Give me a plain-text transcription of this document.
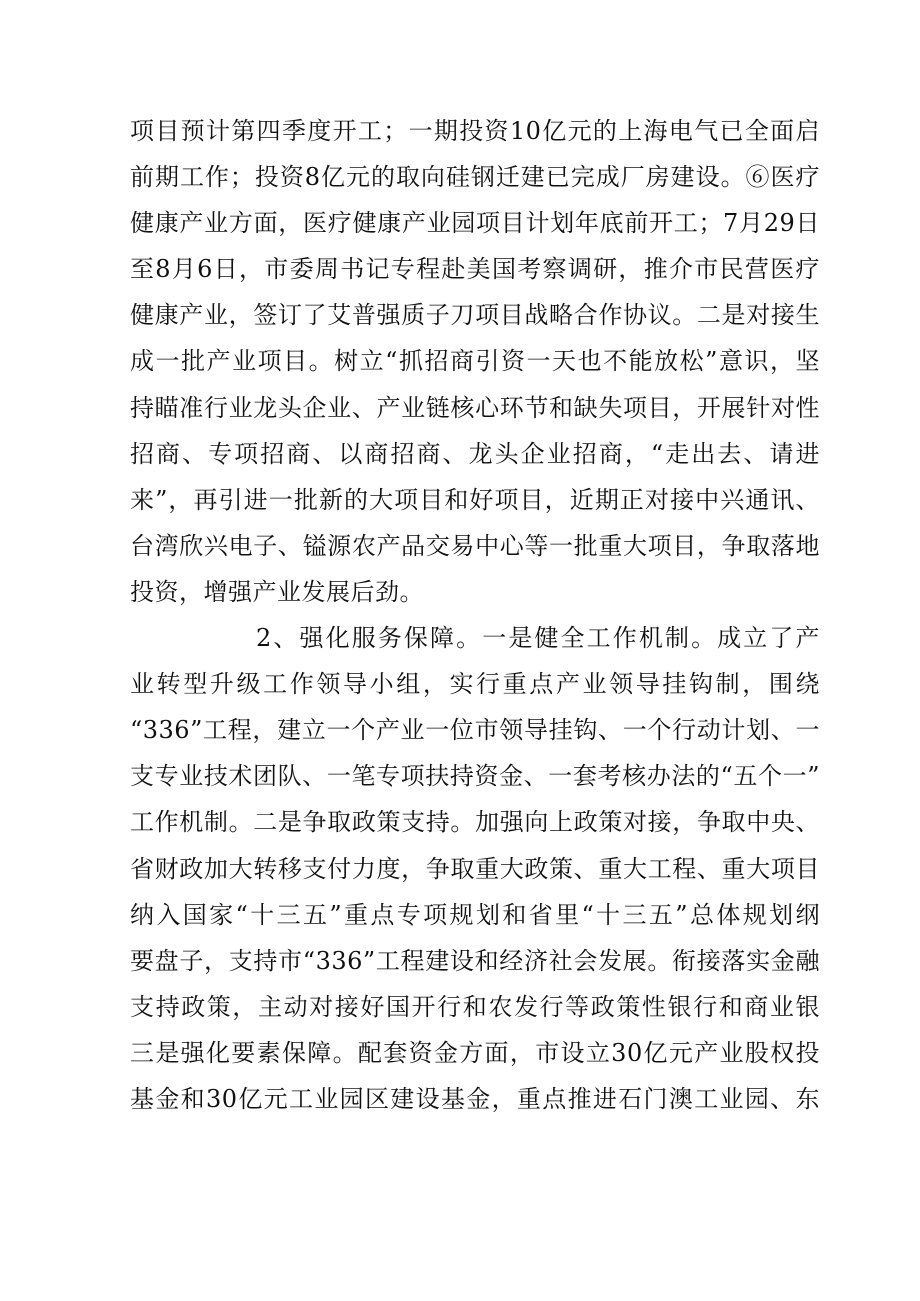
项目预计第四季度开工；一期投资10亿元的上海电气已全面启
前期工作；投资8亿元的取向硅钢迁建已完成厂房建设。⑥医疗
健康产业方面，医疗健康产业园项目计划年底前开工；7月29日
至8月6日，市委周书记专程赴美国考察调研，推介市民营医疗
健康产业，签订了艾普强质子刀项目战略合作协议。二是对接生
成一批产业项目。树立“抓招商引资一天也不能放松”意识，坚
持瞄准行业龙头企业、产业链核心环节和缺失项目，开展针对性
招商、专项招商、以商招商、龙头企业招商，“走出去、请进
来”，再引进一批新的大项目和好项目，近期正对接中兴通讯、
台湾欣兴电子、镒源农产品交易中心等一批重大项目，争取落地
投资，增强产业发展后劲。
2、强化服务保障。一是健全工作机制。成立了产
业转型升级工作领导小组，实行重点产业领导挂钩制，围绕
“336”工程，建立一个产业一位市领导挂钩、一个行动计划、一
支专业技术团队、一笔专项扶持资金、一套考核办法的“五个一”
工作机制。二是争取政策支持。加强向上政策对接，争取中央、
省财政加大转移支付力度，争取重大政策、重大工程、重大项目
纳入国家“十三五”重点专项规划和省里“十三五”总体规划纲
要盘子，支持市“336”工程建设和经济社会发展。衔接落实金融
支持政策，主动对接好国开行和农发行等政策性银行和商业银
三是强化要素保障。配套资金方面，市设立30亿元产业股权投
基金和30亿元工业园区建设基金，重点推进石门澳工业园、东
